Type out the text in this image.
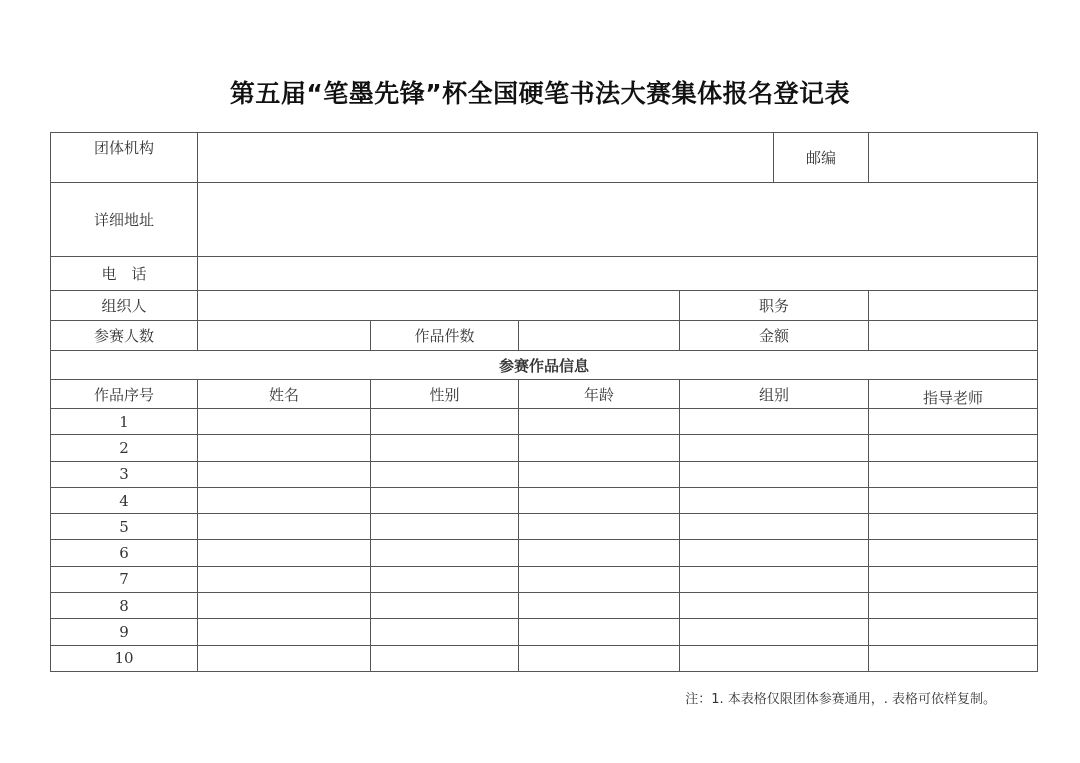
第五届“笔墨先锋”杯全国硬笔书法大赛集体报名登记表
团体机构					邮编	
详细地址						
电　话						
组织人				职务		
参赛人数		作品件数		金额		
参赛作品信息						
作品序号	姓名	性别	年龄	组别		指导老师
1						
2						
3						
4						
5						
6						
7						
8						
9						
10						
注：1. 本表格仅限团体参赛通用，. 表格可依样复制。
